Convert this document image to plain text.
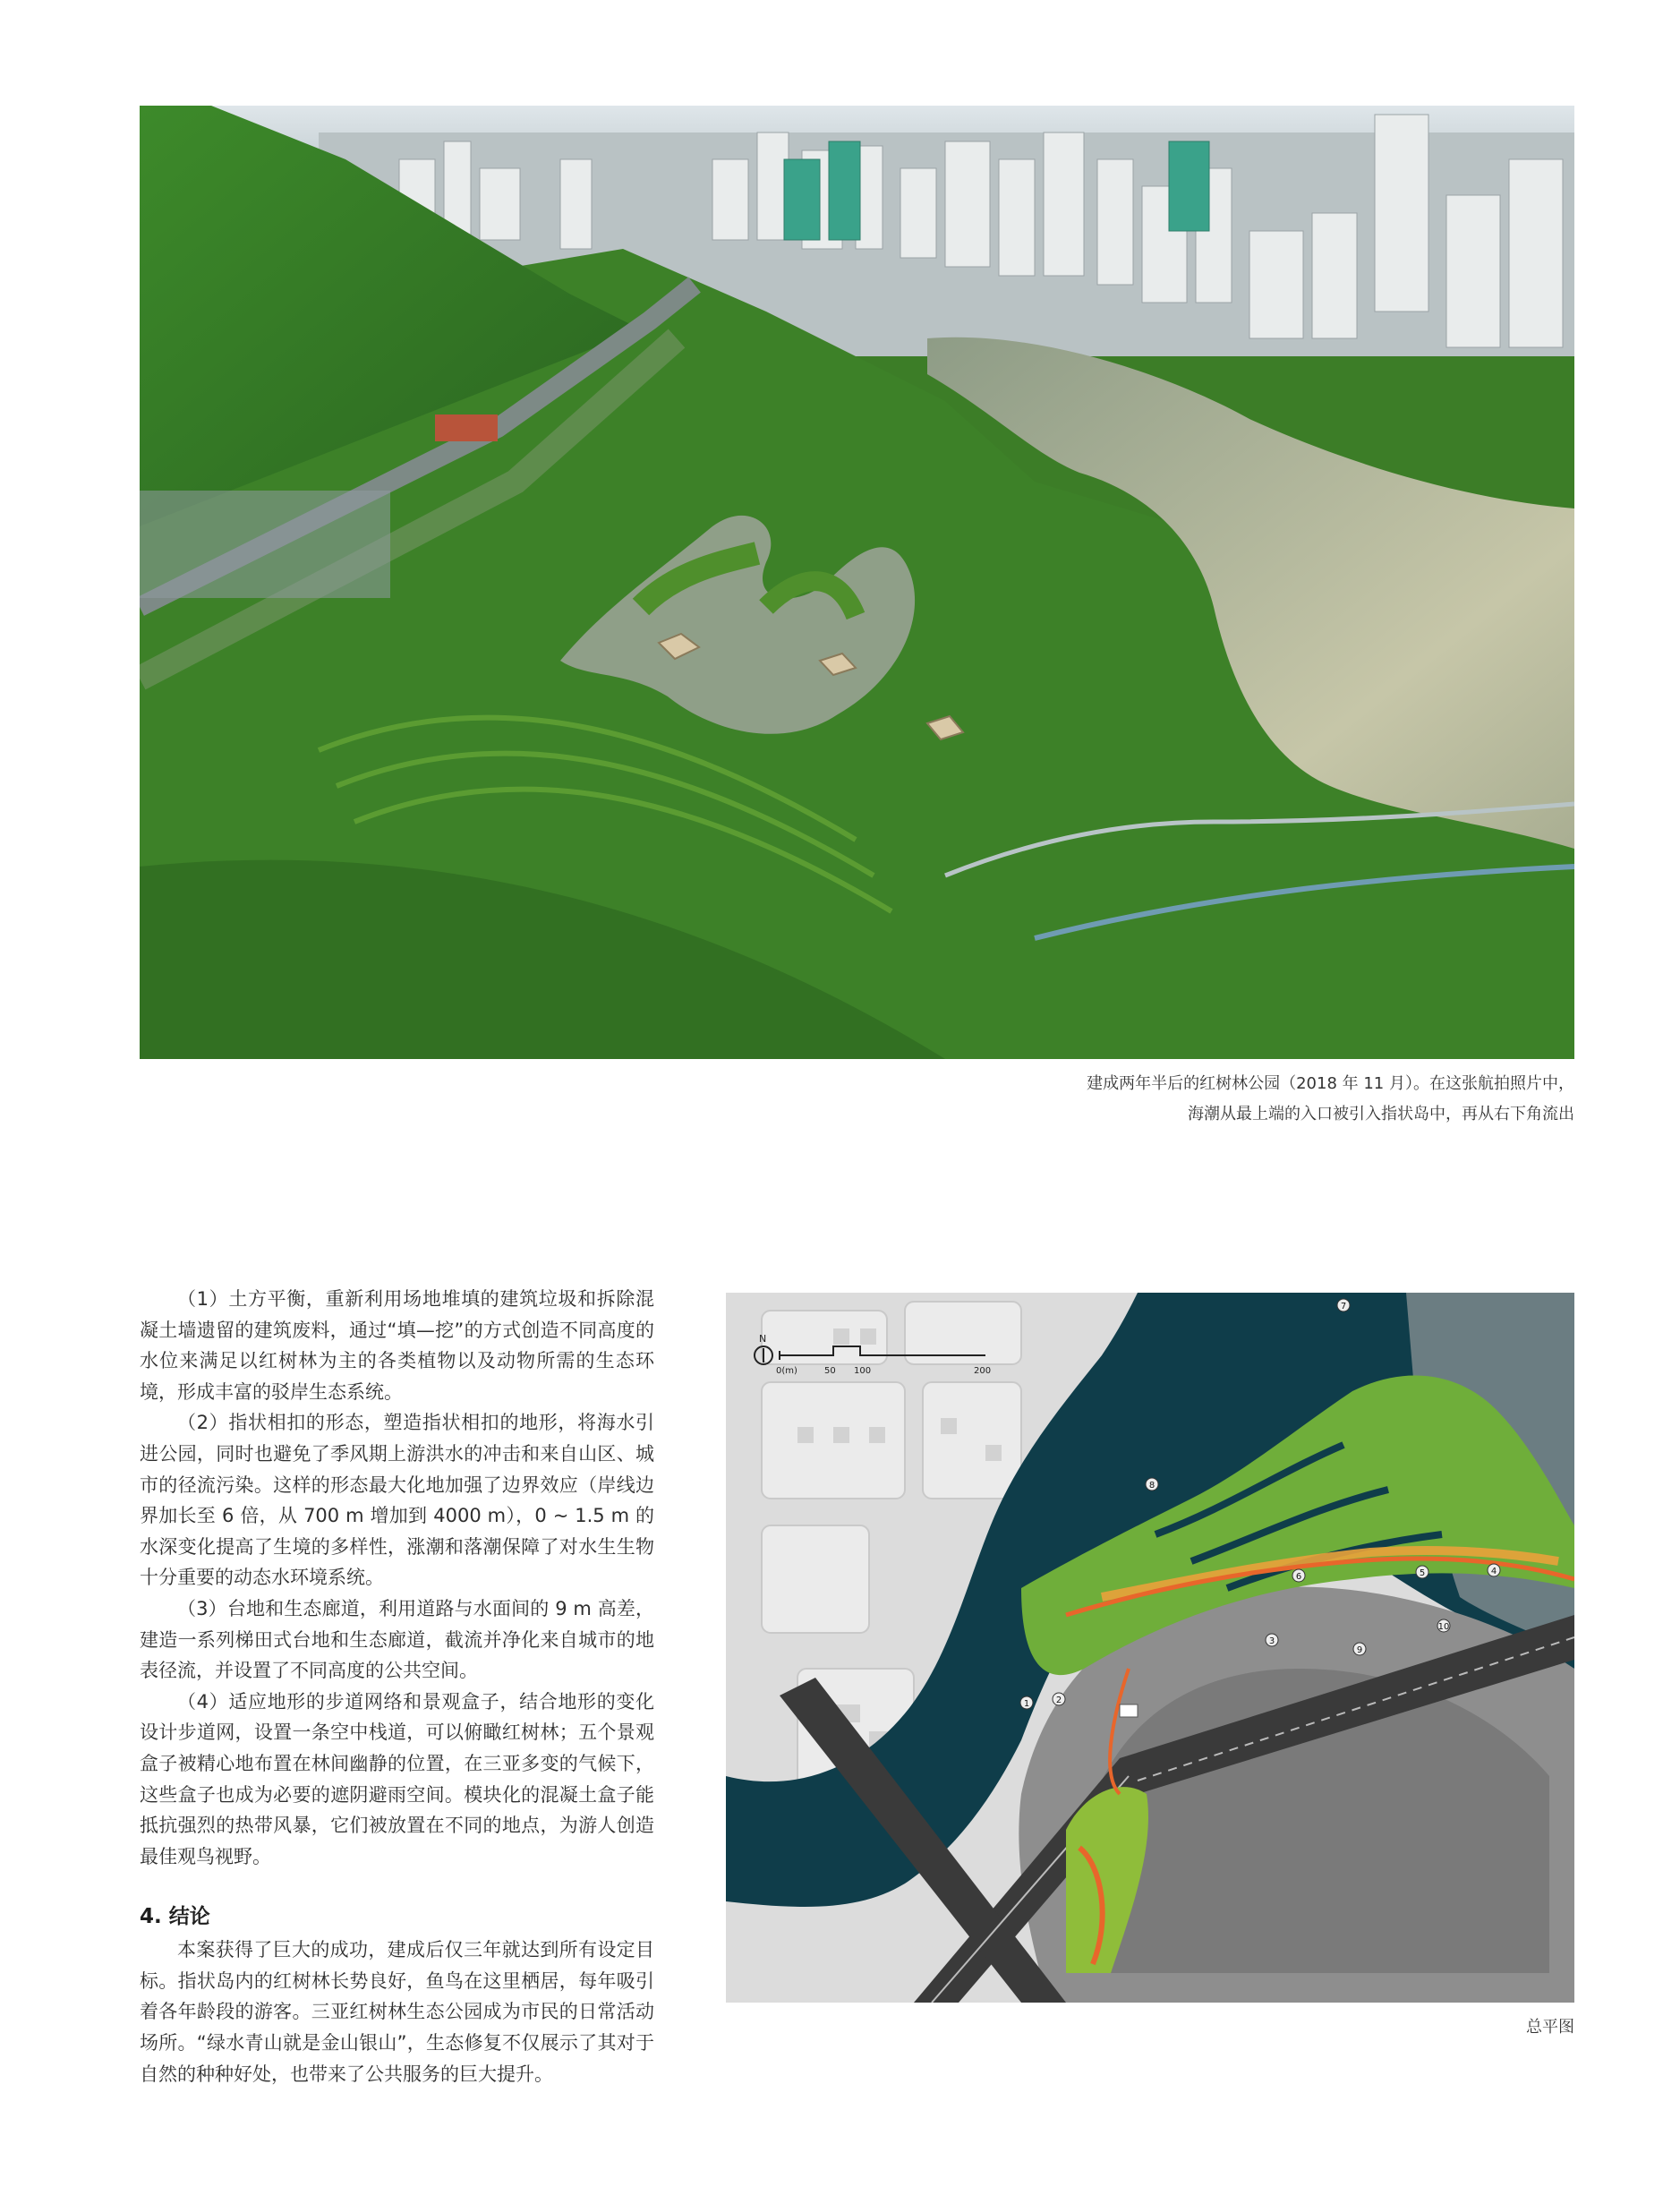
建成两年半后的红树林公园（2018 年 11 月）。在这张航拍照片中，
海潮从最上端的入口被引入指状岛中，再从右下角流出

（1）土方平衡，重新利用场地堆填的建筑垃圾和拆除混凝土墙遗留的建筑废料，通过“填—挖”的方式创造不同高度的水位来满足以红树林为主的各类植物以及动物所需的生态环境，形成丰富的驳岸生态系统。

（2）指状相扣的形态，塑造指状相扣的地形，将海水引进公园，同时也避免了季风期上游洪水的冲击和来自山区、城市的径流污染。这样的形态最大化地加强了边界效应（岸线边界加长至 6 倍，从 700 m 增加到 4000 m），0 ~ 1.5 m 的水深变化提高了生境的多样性，涨潮和落潮保障了对水生生物十分重要的动态水环境系统。

（3）台地和生态廊道，利用道路与水面间的 9 m 高差，建造一系列梯田式台地和生态廊道，截流并净化来自城市的地表径流，并设置了不同高度的公共空间。

（4）适应地形的步道网络和景观盒子，结合地形的变化设计步道网，设置一条空中栈道，可以俯瞰红树林；五个景观盒子被精心地布置在林间幽静的位置，在三亚多变的气候下，这些盒子也成为必要的遮阴避雨空间。模块化的混凝土盒子能抵抗强烈的热带风暴，它们被放置在不同的地点，为游人创造最佳观鸟视野。

4. 结论

本案获得了巨大的成功，建成后仅三年就达到所有设定目标。指状岛内的红树林长势良好，鱼鸟在这里栖居，每年吸引着各年龄段的游客。三亚红树林生态公园成为市民的日常活动场所。“绿水青山就是金山银山”，生态修复不仅展示了其对于自然的种种好处，也带来了公共服务的巨大提升。

N
0(m)	50 100	200
1	2
3
4
5
6
7
8
9
10
总平图
